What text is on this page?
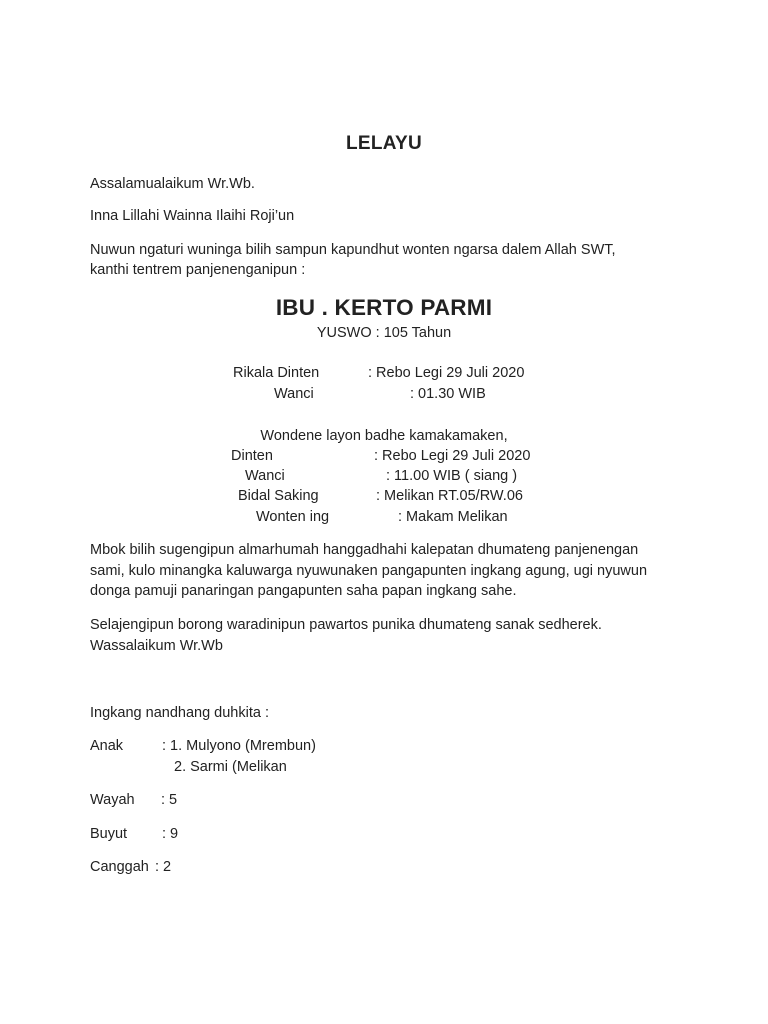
LELAYU
Assalamualaikum Wr.Wb.
Inna Lillahi Wainna Ilaihi Roji’un
Nuwun ngaturi wuninga bilih sampun kapundhut wonten ngarsa dalem Allah SWT,
kanthi tentrem panjenenganipun :
IBU . KERTO PARMI
YUSWO : 105 Tahun
Rikala Dinten	: Rebo Legi 29 Juli 2020
Wanci	: 01.30 WIB
Wondene layon badhe kamakamaken,
Dinten	: Rebo Legi 29 Juli 2020
Wanci	: 11.00 WIB ( siang )
Bidal Saking	: Melikan RT.05/RW.06
Wonten ing	: Makam Melikan
Mbok bilih sugengipun almarhumah hanggadhahi kalepatan dhumateng panjenengan
sami, kulo minangka kaluwarga nyuwunaken pangapunten ingkang agung, ugi nyuwun
donga pamuji panaringan pangapunten saha papan ingkang sahe.
Selajengipun borong waradinipun pawartos punika dhumateng sanak sedherek.
Wassalaikum Wr.Wb
Ingkang nandhang duhkita :
Anak	: 1. Mulyono (Mrembun)
2. Sarmi (Melikan
Wayah : 5
Buyut : 9
Canggah : 2
